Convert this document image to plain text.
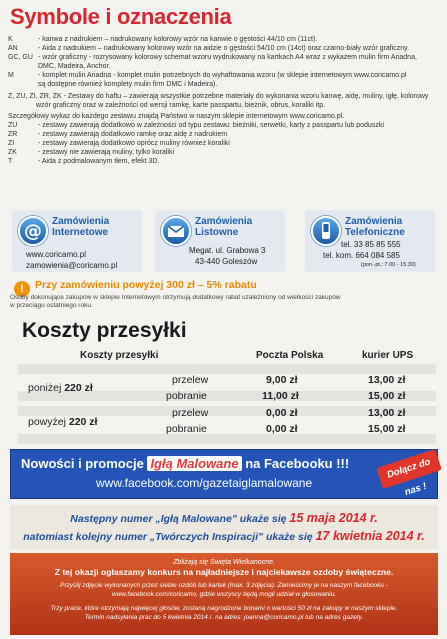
Symbole i oznaczenia
K	- kanwa z nadrukiem – nadrukowany kolorowy wzór na kanwie o gęstości 44/10 cm (11ct).
AN	- Aida z nadrukiem – nadrukowany kolorowy wzór na aidzie o gęstości 54/10 cm (14ct) oraz czarno-biały wzór graficzny.
GC, GU - wzór graficzny - rozrysowany kolorowy schemat wzoru wydrukowany na kartkach A4 wraz z wykazem mulin firm Ariadna,
DMC, Madeira, Anchor.
M	- komplet mulin Ariadna - komplet mulin potrzebnych do wyhaftowania wzoru (w sklepie internetowym www.coricamo.pl
są dostępne również komplety mulin firm DMC i Madeira).
Z, ZU, ZI, ZR, ZK - Zestawy do haftu – zawierają wszystkie potrzebne materiały do wykonania wzoru kanwę, aidę, muliny, igłę, kolorowy
wzór graficzny oraz w zależności od wersji ramkę, karte passpartu, bieżnik, obrus, koraliki itp.
Szczegółowy wykaz do każdego zestawu znajdą Państwo w naszym sklepie internetowym www.coricamo.pl.
ZU	- zestawy zawierają dodatkowo w zależności od typu zestawu: bieżniki, serwetki, karty z passpartu lub poduszki
ZR	- zestawy zawierają dodatkowo ramkę oraz aidę z nadrukiem
ZI	- zestawy zawierają dodatkowo oprócz muliny również koraliki
ZK	- zestawy nie zawierają muliny, tylko koraliki
T	- Aida z podmalowanym tłem, efekt 3D.
@ Zamówienia
Internetowe
www.coricamo.pl
zamowienia@coricamo.pl
Zamówienia
Listowne
Megat. ul. Grabowa 3
43-440 Goleszów
Zamówienia
Telefoniczne
tel. 33 85 85 555
tel. kom. 664 084 585
(pon.-pt.: 7.00 - 15.30)
!	Przy zamówieniu powyżej 300 zł – 5% rabatu
Osoby dokonujące zakupów w sklepie Internetowym otrzymują dodatkowy rabat uzależniony od wielkości zakupów
w przeciągu ostatniego roku.
Koszty przesyłki
Koszty przesyłki	Poczta Polska	kurier UPS
poniżej 220 zł
przelew	9,00 zł	13,00 zł
pobranie	11,00 zł	15,00 zł
powyżej 220 zł
przelew	0,00 zł	13,00 zł
pobranie	0,00 zł	15,00 zł
Nowości i promocje Igłą Malowane na Facebooku !!!
www.facebook.com/gazetaiglamalowane
Dołącz do nas !
Następny numer „Igłą Malowane" ukaże się 15 maja 2014 r.
natomiast kolejny numer „Twórczych Inspiracji" ukaże się 17 kwietnia 2014 r.
Zbliżają się Święta Wielkanocne.
Z tej okazji ogłaszamy konkurs na najładniejsze i najciekawsze ozdoby świąteczne.
Przyślij zdjęcie wykonanych przez siebie ozdób lub kartek (max. 3 zdjęcia). Zamieścimy je na naszym facebooku -
www.facebook.com/coricamo, gdzie wszyscy będą mogli udział w głosowaniu.
Trzy prace, które otrzymają najwięcej głosów, zostaną nagrodzone bonami o wartości 50 zł na zakupy w naszym sklepie.
Termin nadsyłania prac do 5 kwietnia 2014 r. na adres: joanna@coricamo.pl lub na adres gazety.
